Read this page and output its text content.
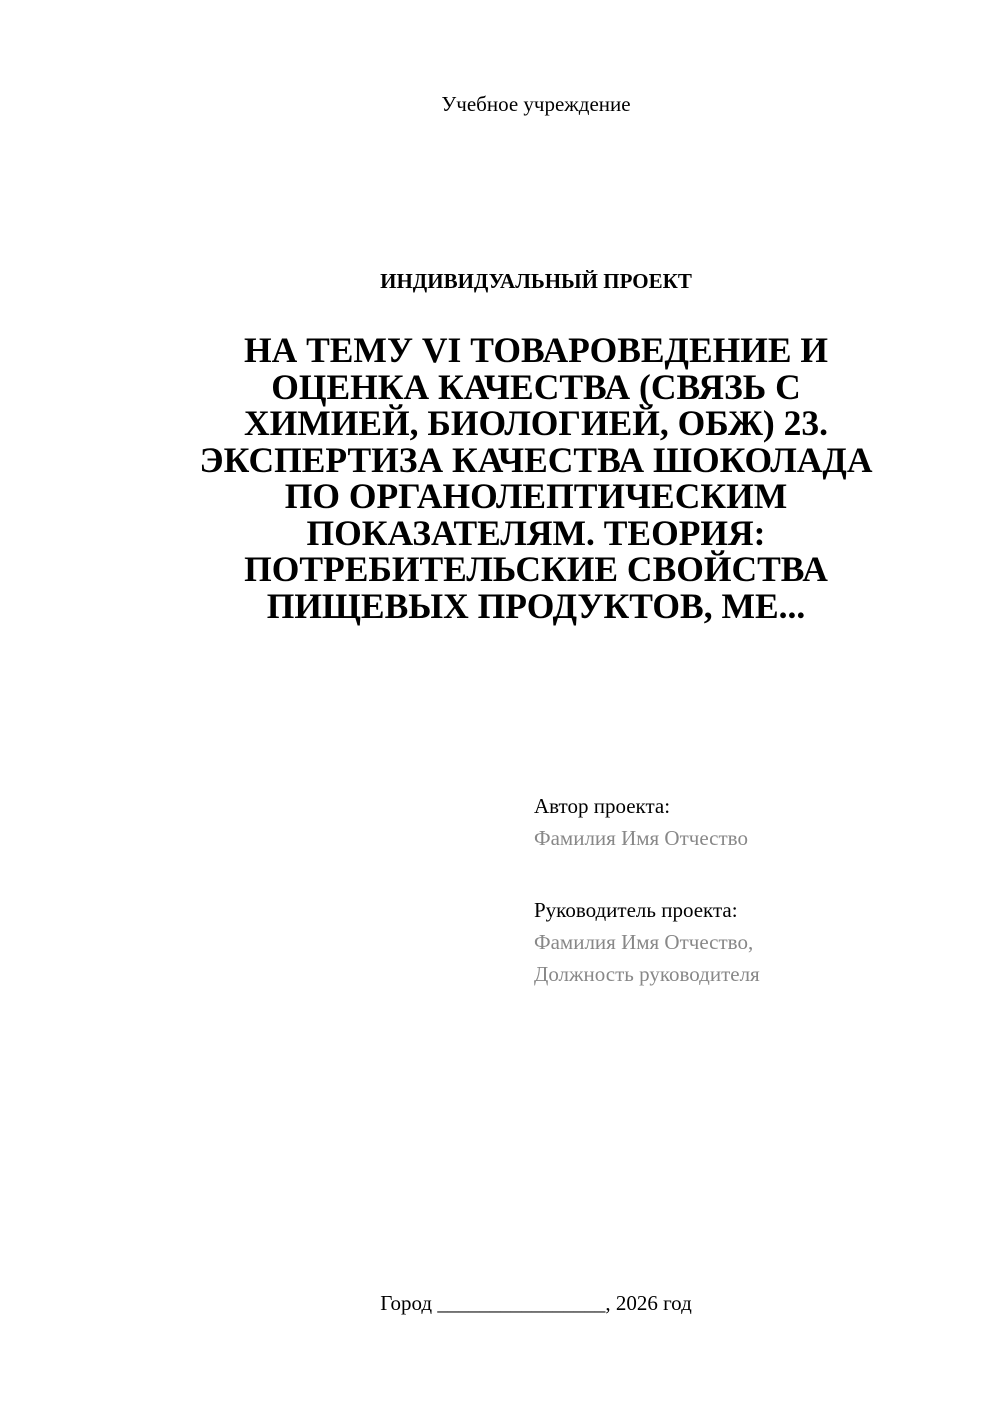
Учебное учреждение
ИНДИВИДУАЛЬНЫЙ ПРОЕКТ
НА ТЕМУ VI ТОВАРОВЕДЕНИЕ И
ОЦЕНКА КАЧЕСТВА (СВЯЗЬ С
ХИМИЕЙ, БИОЛОГИЕЙ, ОБЖ) 23.
ЭКСПЕРТИЗА КАЧЕСТВА ШОКОЛАДА
ПО ОРГАНОЛЕПТИЧЕСКИМ
ПОКАЗАТЕЛЯМ. ТЕОРИЯ:
ПОТРЕБИТЕЛЬСКИЕ СВОЙСТВА
ПИЩЕВЫХ ПРОДУКТОВ, МЕ...
Автор проекта:
Фамилия Имя Отчество
Руководитель проекта:
Фамилия Имя Отчество,
Должность руководителя
Город ________________, 2026 год
